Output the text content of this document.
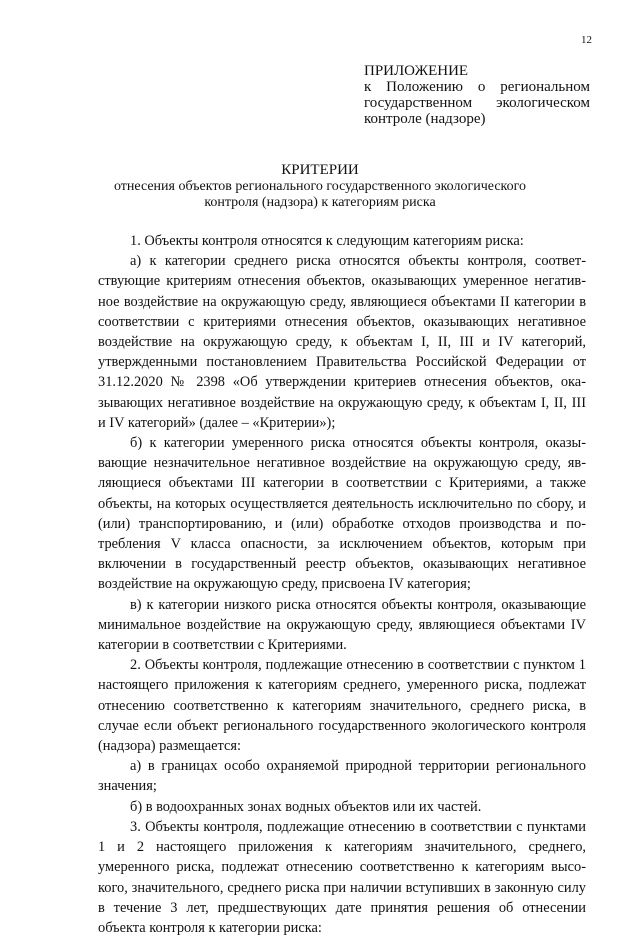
12
ПРИЛОЖЕНИЕ
к Положению о региональном государственном экологическом контроле (надзоре)
КРИТЕРИИ
отнесения объектов регионального государственного экологического контроля (надзора) к категориям риска

1. Объекты контроля относятся к следующим категориям риска:

а) к категории среднего риска относятся объекты контроля, соответствующие критериям отнесения объектов, оказывающих умеренное негативное воздействие на окружающую среду, являющиеся объектами II категории в соответствии с критериями отнесения объектов, оказывающих негативное воздействие на окружающую среду, к объектам I, II, III и IV категорий, утвержденными постановлением Правительства Российской Федерации от 31.12.2020 № 2398 «Об утверждении критериев отнесения объектов, оказывающих негативное воздействие на окружающую среду, к объектам I, II, III и IV категорий» (далее – «Критерии»);

б) к категории умеренного риска относятся объекты контроля, оказывающие незначительное негативное воздействие на окружающую среду, являющиеся объектами III категории в соответствии с Критериями, а также объекты, на которых осуществляется деятельность исключительно по сбору, и (или) транспортированию, и (или) обработке отходов производства и потребления V класса опасности, за исключением объектов, которым при включении в государственный реестр объектов, оказывающих негативное воздействие на окружающую среду, присвоена IV категория;

в) к категории низкого риска относятся объекты контроля, оказывающие минимальное воздействие на окружающую среду, являющиеся объектами IV категории в соответствии с Критериями.

2. Объекты контроля, подлежащие отнесению в соответствии с пунктом 1 настоящего приложения к категориям среднего, умеренного риска, подлежат отнесению соответственно к категориям значительного, среднего риска, в случае если объект регионального государственного экологического контроля (надзора) размещается:

а) в границах особо охраняемой природной территории регионального значения;

б) в водоохранных зонах водных объектов или их частей.

3. Объекты контроля, подлежащие отнесению в соответствии с пунктами 1 и 2 настоящего приложения к категориям значительного, среднего, умеренного риска, подлежат отнесению соответственно к категориям высокого, значительного, среднего риска при наличии вступивших в законную силу в течение 3 лет, предшествующих дате принятия решения об отнесении объекта контроля к категории риска:
